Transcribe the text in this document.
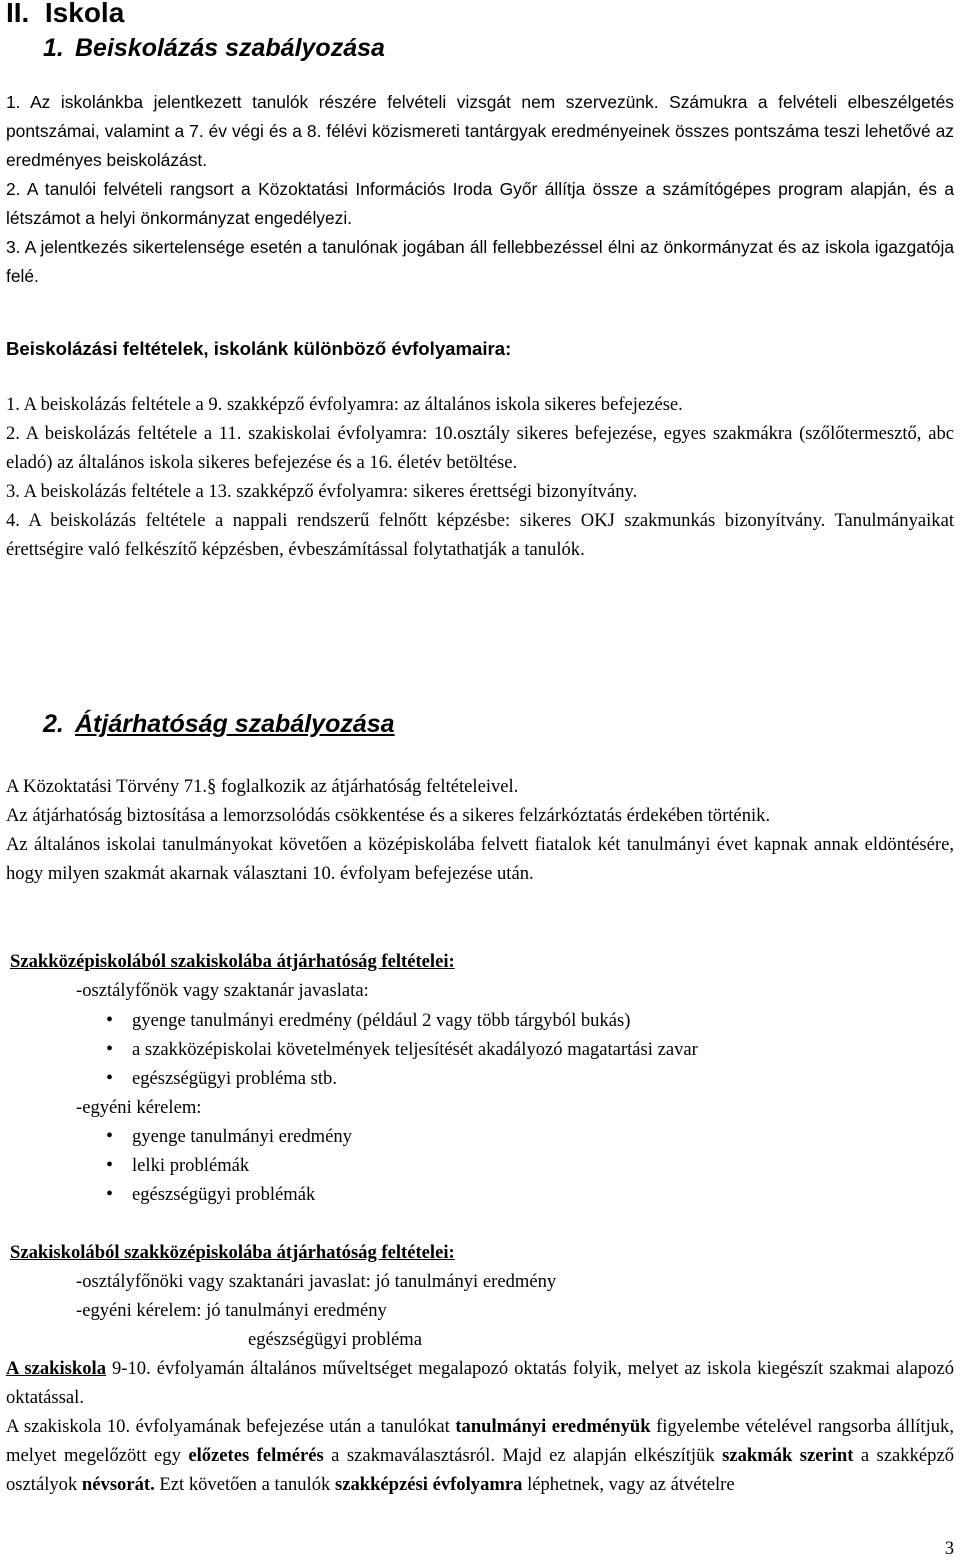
II. Iskola
1. Beiskolázás szabályozása

1. Az iskolánkba jelentkezett tanulók részére felvételi vizsgát nem szervezünk. Számukra a felvételi elbeszélgetés pontszámai, valamint a 7. év végi és a 8. félévi közismereti tantárgyak eredményeinek összes pontszáma teszi lehetővé az eredményes beiskolázást.

2. A tanulói felvételi rangsort a Közoktatási Információs Iroda Győr állítja össze a számítógépes program alapján, és a létszámot a helyi önkormányzat engedélyezi.

3. A jelentkezés sikertelensége esetén a tanulónak jogában áll fellebbezéssel élni az önkormányzat és az iskola igazgatója felé.

Beiskolázási feltételek, iskolánk különböző évfolyamaira:

1. A beiskolázás feltétele a 9. szakképző évfolyamra: az általános iskola sikeres befejezése.

2. A beiskolázás feltétele a 11. szakiskolai évfolyamra: 10.osztály sikeres befejezése, egyes szakmákra (szőlőtermesztő, abc eladó) az általános iskola sikeres befejezése és a 16. életév betöltése.

3. A beiskolázás feltétele a 13. szakképző évfolyamra: sikeres érettségi bizonyítvány.

4. A beiskolázás feltétele a nappali rendszerű felnőtt képzésbe: sikeres OKJ szakmunkás bizonyítvány. Tanulmányaikat érettségire való felkészítő képzésben, évbeszámítással folytathatják a tanulók.

2. Átjárhatóság szabályozása

A Közoktatási Törvény 71.§ foglalkozik az átjárhatóság feltételeivel.

Az átjárhatóság biztosítása a lemorzsolódás csökkentése és a sikeres felzárkóztatás érdekében történik.

Az általános iskolai tanulmányokat követően a középiskolába felvett fiatalok két tanulmányi évet kapnak annak eldöntésére, hogy milyen szakmát akarnak választani 10. évfolyam befejezése után.

Szakközépiskolából szakiskolába átjárhatóság feltételei:
-osztályfőnök vagy szaktanár javaslata:
• gyenge tanulmányi eredmény (például 2 vagy több tárgyból bukás)
• a szakközépiskolai követelmények teljesítését akadályozó magatartási zavar
• egészségügyi probléma stb.
-egyéni kérelem:
• gyenge tanulmányi eredmény
• lelki problémák
• egészségügyi problémák
Szakiskolából szakközépiskolába átjárhatóság feltételei:
-osztályfőnöki vagy szaktanári javaslat: jó tanulmányi eredmény
-egyéni kérelem: jó tanulmányi eredmény
egészségügyi probléma

A szakiskola 9-10. évfolyamán általános műveltséget megalapozó oktatás folyik, melyet az iskola kiegészít szakmai alapozó oktatással.

A szakiskola 10. évfolyamának befejezése után a tanulókat tanulmányi eredményük figyelembe vételével rangsorba állítjuk, melyet megelőzött egy előzetes felmérés a szakmaválasztásról. Majd ez alapján elkészítjük szakmák szerint a szakképző osztályok névsorát. Ezt követően a tanulók szakképzési évfolyamra léphetnek, vagy az átvételre

3
